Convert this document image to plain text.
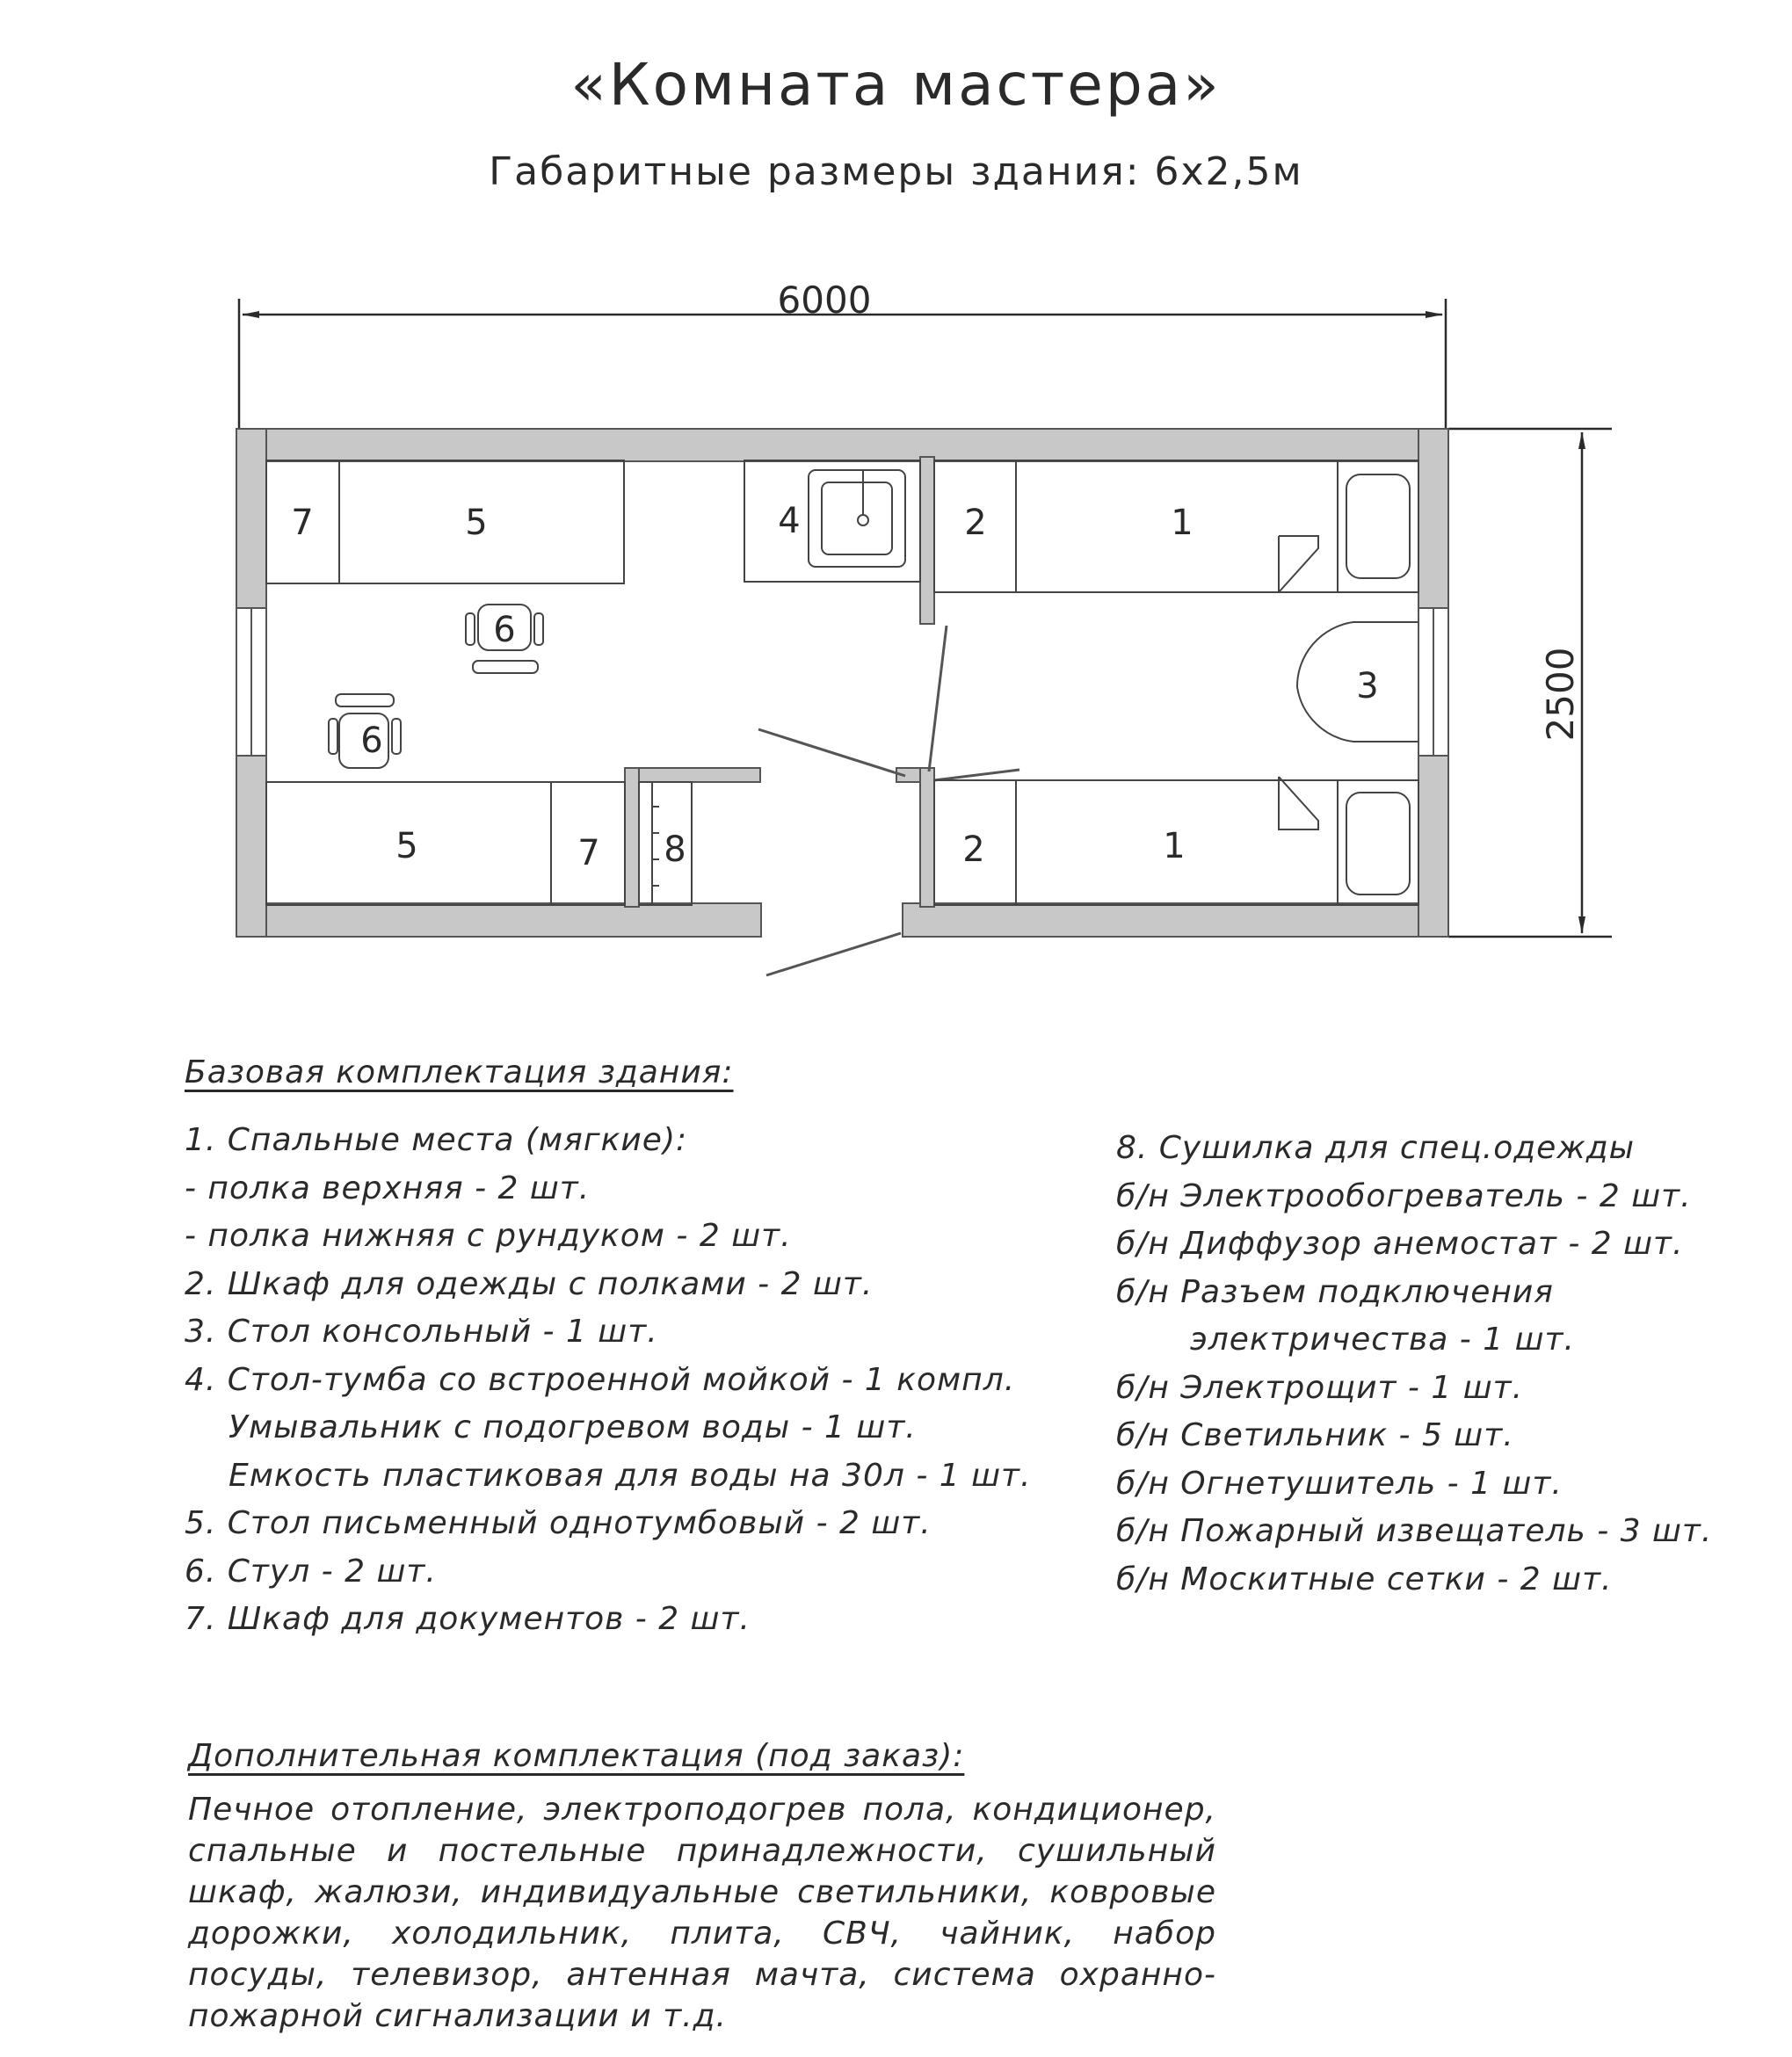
«Комната мастера»
Габаритные размеры здания: 6х2,5м
6000
2500
7	5
6
6
4	2	1
3
5	7 8	2	1
Базовая комплектация здания:
1. Спальные места (мягкие):
- полка верхняя - 2 шт.
- полка нижняя с рундуком - 2 шт.
2. Шкаф для одежды с полками - 2 шт.
3. Стол консольный - 1 шт.
4. Стол-тумба со встроенной мойкой - 1 компл.
Умывальник с подогревом воды - 1 шт.
Емкость пластиковая для воды на 30л - 1 шт.
5. Стол письменный однотумбовый - 2 шт.
6. Стул - 2 шт.
7. Шкаф для документов - 2 шт.
8. Сушилка для спец.одежды
б/н Электрообогреватель - 2 шт.
б/н Диффузор анемостат - 2 шт.
б/н Разъем подключения
электричества - 1 шт.
б/н Электрощит - 1 шт.
б/н Светильник - 5 шт.
б/н Огнетушитель - 1 шт.
б/н Пожарный извещатель - 3 шт.
б/н Москитные сетки - 2 шт.
Дополнительная комплектация (под заказ):
Печное отопление, электроподогрев пола, кондиционер, спальные и постельные принадлежности, сушильный шкаф, жалюзи, индивидуальные светильники, ковровые дорожки, холодильник, плита, СВЧ, чайник, набор посуды, телевизор, антенная мачта, система охранно-пожарной сигнализации и т.д.
